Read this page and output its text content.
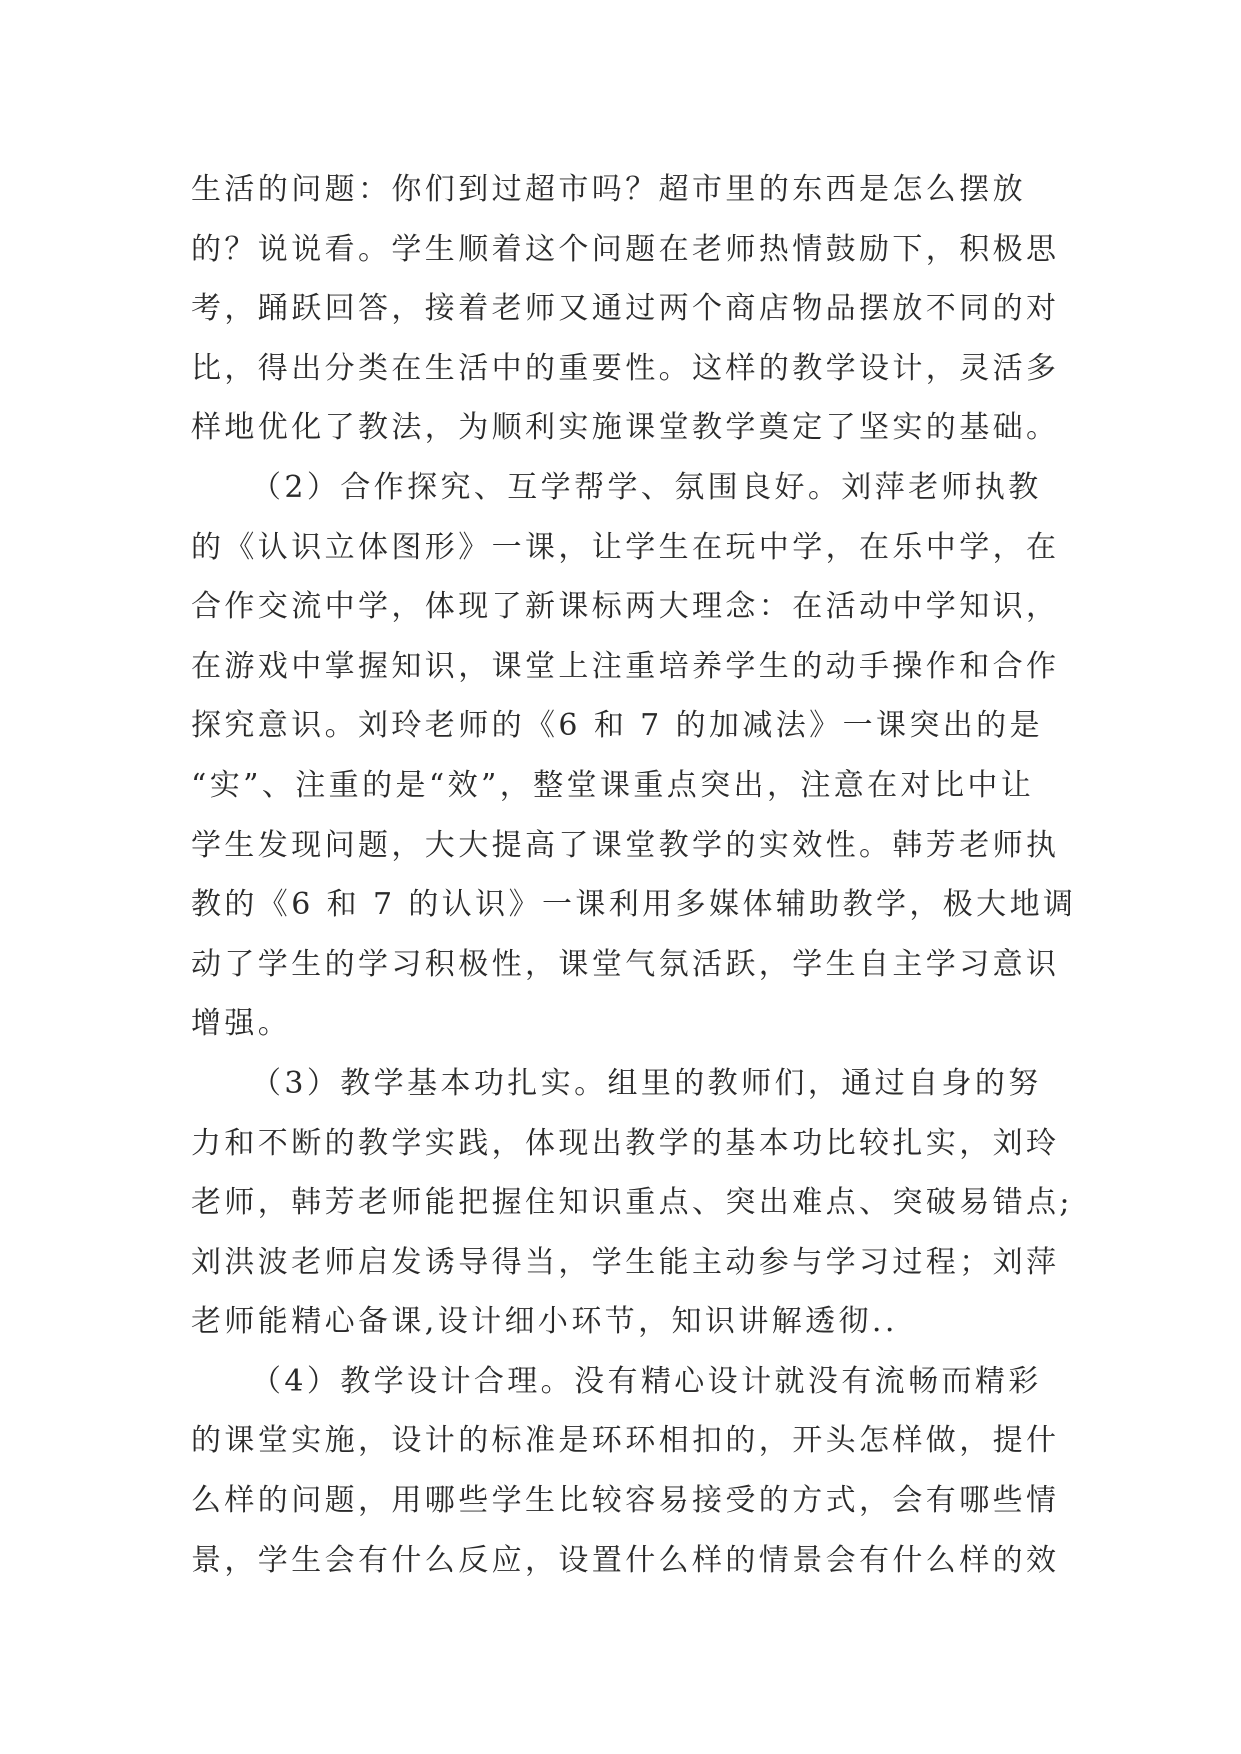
生活的问题：你们到过超市吗？超市里的东西是怎么摆放

的？说说看。学生顺着这个问题在老师热情鼓励下，积极思

考，踊跃回答，接着老师又通过两个商店物品摆放不同的对

比，得出分类在生活中的重要性。这样的教学设计，灵活多

样地优化了教法，为顺利实施课堂教学奠定了坚实的基础。

（2）合作探究、互学帮学、氛围良好。刘萍老师执教

的《认识立体图形》一课，让学生在玩中学，在乐中学，在

合作交流中学，体现了新课标两大理念：在活动中学知识，

在游戏中掌握知识，课堂上注重培养学生的动手操作和合作

探究意识。刘玲老师的《6 和 7 的加减法》一课突出的是

“实”、注重的是“效”，整堂课重点突出，注意在对比中让

学生发现问题，大大提高了课堂教学的实效性。韩芳老师执

教的《6 和 7 的认识》一课利用多媒体辅助教学，极大地调

动了学生的学习积极性，课堂气氛活跃，学生自主学习意识

增强。

（3）教学基本功扎实。组里的教师们，通过自身的努

力和不断的教学实践，体现出教学的基本功比较扎实，刘玲

老师，韩芳老师能把握住知识重点、突出难点、突破易错点;

刘洪波老师启发诱导得当，学生能主动参与学习过程；刘萍

老师能精心备课,设计细小环节，知识讲解透彻..

（4）教学设计合理。没有精心设计就没有流畅而精彩

的课堂实施，设计的标准是环环相扣的，开头怎样做，提什

么样的问题，用哪些学生比较容易接受的方式，会有哪些情

景，学生会有什么反应，设置什么样的情景会有什么样的效
